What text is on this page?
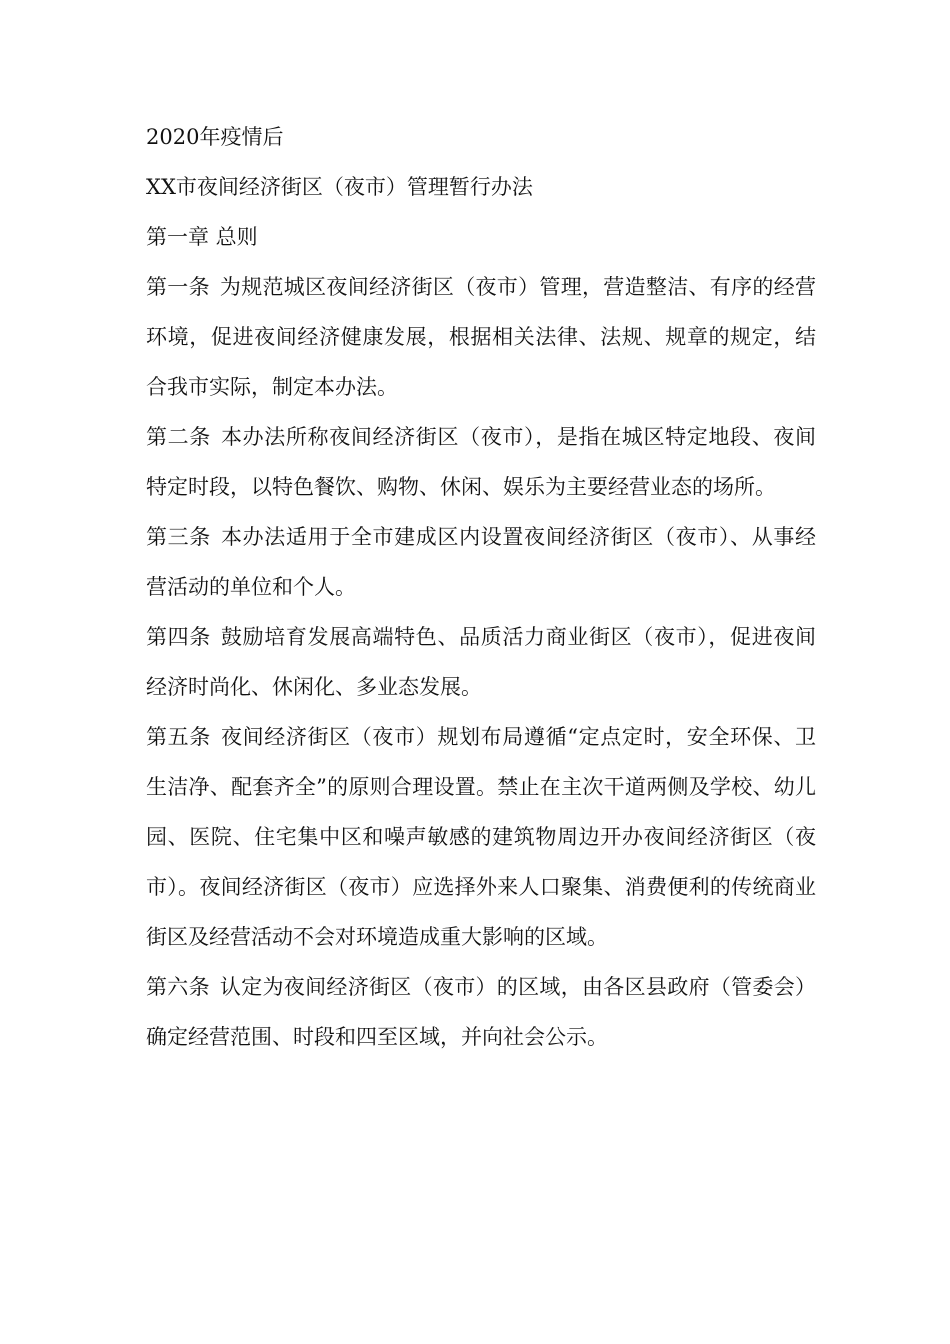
2020年疫情后

XX市夜间经济街区（夜市）管理暂行办法

第一章 总则

第一条 为规范城区夜间经济街区（夜市）管理，营造整洁、有序的经营环境，促进夜间经济健康发展，根据相关法律、法规、规章的规定，结合我市实际，制定本办法。

第二条 本办法所称夜间经济街区（夜市），是指在城区特定地段、夜间特定时段，以特色餐饮、购物、休闲、娱乐为主要经营业态的场所。

第三条 本办法适用于全市建成区内设置夜间经济街区（夜市）、从事经营活动的单位和个人。

第四条 鼓励培育发展高端特色、品质活力商业街区（夜市），促进夜间经济时尚化、休闲化、多业态发展。

第五条 夜间经济街区（夜市）规划布局遵循“定点定时，安全环保、卫生洁净、配套齐全”的原则合理设置。禁止在主次干道两侧及学校、幼儿园、医院、住宅集中区和噪声敏感的建筑物周边开办夜间经济街区（夜市）。夜间经济街区（夜市）应选择外来人口聚集、消费便利的传统商业街区及经营活动不会对环境造成重大影响的区域。

第六条 认定为夜间经济街区（夜市）的区域，由各区县政府（管委会）确定经营范围、时段和四至区域，并向社会公示。
